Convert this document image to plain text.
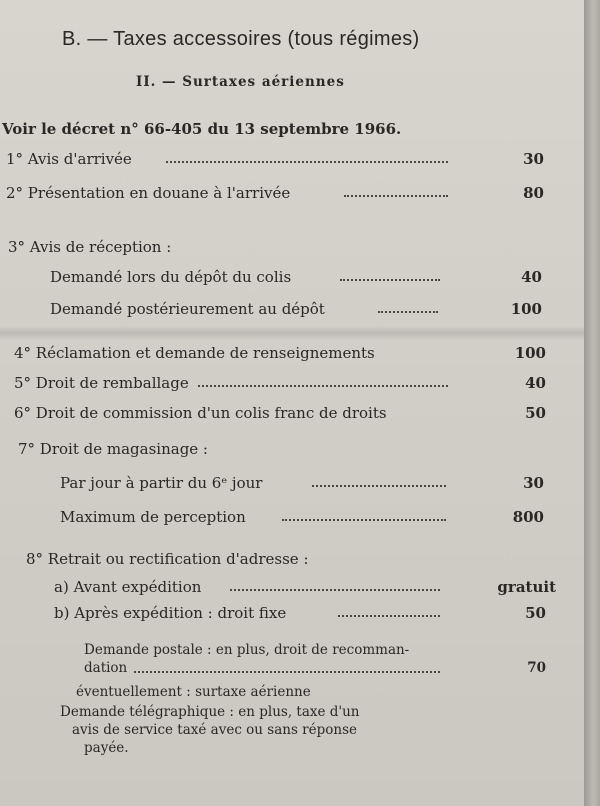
B. — Taxes accessoires (tous régimes)
II. — Surtaxes aériennes
Voir le décret n° 66-405 du 13 septembre 1966.
1° Avis d'arrivée	30
2° Présentation en douane à l'arrivée	80
3° Avis de réception :
Demandé lors du dépôt du colis	40
Demandé postérieurement au dépôt	100
4° Réclamation et demande de renseignements	100
5° Droit de remballage	40
6° Droit de commission d'un colis franc de droits	50
7° Droit de magasinage :
Par jour à partir du 6ᵉ jour	30
Maximum de perception	800
8° Retrait ou rectification d'adresse :
a) Avant expédition	gratuit
b) Après expédition : droit fixe	50
Demande postale : en plus, droit de recomman-
dation	70
éventuellement : surtaxe aérienne
Demande télégraphique : en plus, taxe d'un
avis de service taxé avec ou sans réponse
payée.
